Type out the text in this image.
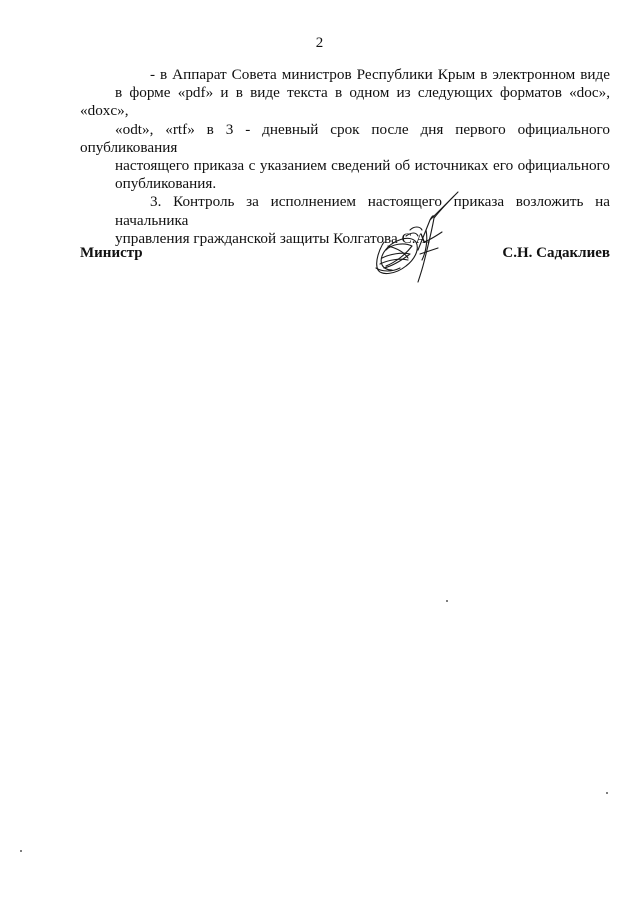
2

- в Аппарат Совета министров Республики Крым в электронном виде
в форме «pdf» и в виде текста в одном из следующих форматов «doc», «doxc»,
«odt», «rtf» в 3 - дневный срок после дня первого официального опубликования
настоящего приказа с указанием сведений об источниках его официального
опубликования.

3. Контроль за исполнением настоящего приказа возложить на начальника
управления гражданской защиты Колгатова С.А.

Министр	С.Н. Садаклиев
